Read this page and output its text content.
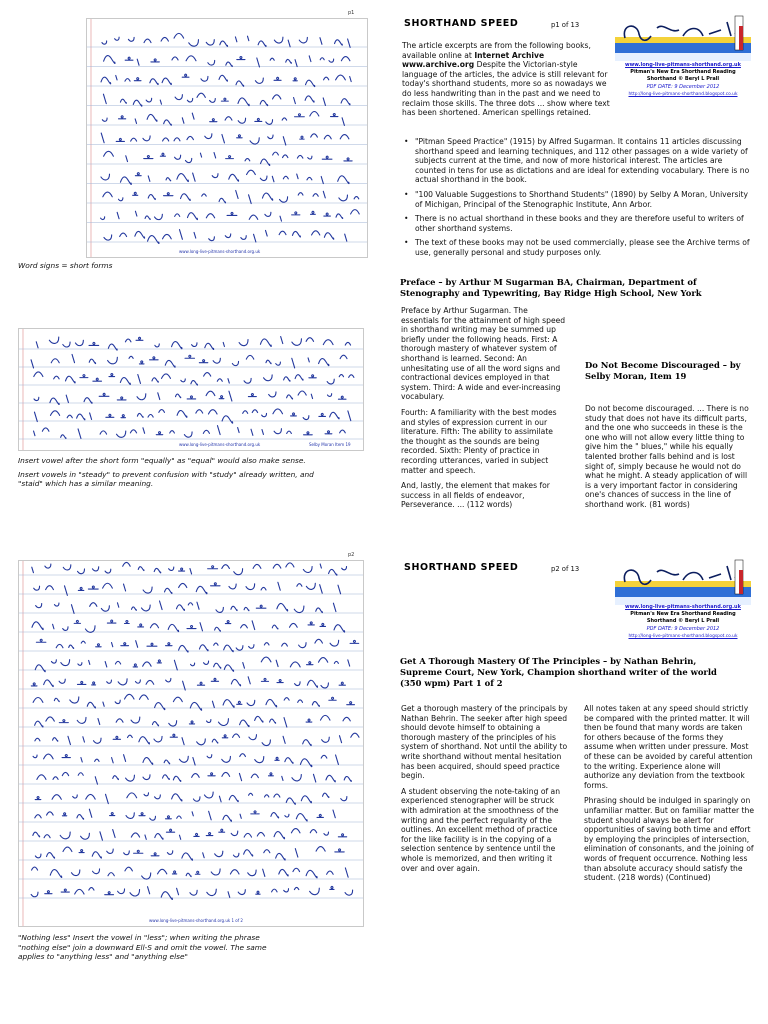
www.long-live-pitmans-shorthand.org.uk
p1
Word signs = short forms
SHORTHAND SPEED	p1 of 13
www.long-live-pitmans-shorthand.org.uk
Pitman's New Era Shorthand Reading
Shorthand © Beryl L Prall
PDF DATE: 9 December 2012
http://long-live-pitmans-shorthand.blogspot.co.uk
The article excerpts are from the following books, available online at Internet Archive www.archive.org Despite the Victorian-style language of the articles, the advice is still relevant for today's shorthand students, more so as nowadays we do less handwriting than in the past and we need to reclaim those skills. The three dots ... show where text has been shortened. American spellings retained.
• "Pitman Speed Practice" (1915) by Alfred Sugarman. It contains 11 articles discussing shorthand speed and learning techniques, and 112 other passages on a wide variety of subjects current at the time, and now of more historical interest. The articles are counted in tens for use as dictations and are ideal for extending vocabulary. There is no actual shorthand in the book.
• "100 Valuable Suggestions to Shorthand Students" (1890) by Selby A Moran, University of Michigan, Principal of the Stenographic Institute, Ann Arbor.
• There is no actual shorthand in these books and they are therefore useful to writers of other shorthand systems.
• The text of these books may not be used commercially, please see the Archive terms of use, generally personal and study purposes only.
Preface – by Arthur M Sugarman BA, Chairman, Department of Stenography and Typewriting, Bay Ridge High School, New York

Preface by Arthur Sugarman. The essentials for the attainment of high speed in shorthand writing may be summed up briefly under the following heads. First: A thorough mastery of whatever system of shorthand is learned. Second: An unhesitating use of all the word signs and contractional devices employed in that system. Third: A wide and ever-increasing vocabulary.

Fourth: A familiarity with the best modes and styles of expression current in our literature. Fifth: The ability to assimilate the thought as the sounds are being recorded. Sixth: Plenty of practice in recording utterances, varied in subject matter and speech.

And, lastly, the element that makes for success in all fields of endeavor, Perseverance. ... (112 words)

Do Not Become Discouraged – by Selby Moran, Item 19
Do not become discouraged. ... There is no study that does not have its difficult parts, and the one who succeeds in these is the one who will not allow every little thing to give him the " blues," while his equally talented brother falls behind and is lost sight of, simply because he would not do what he might. A steady application of will is a very important factor in considering one's chances of success in the line of shorthand work. (81 words)
www.long-live-pitmans-shorthand.org.uk	Selby Moran Item 19
Insert vowel after the short form "equally" as "equal" would also make sense.
Insert vowels in "steady" to prevent confusion with "study" already written, and "staid" which has a similar meaning.
www.long-live-pitmans-shorthand.org.uk 1 of 2
p2
"Nothing less" Insert the vowel in "less"; when writing the phrase "nothing else" join a downward Ell-S and omit the vowel. The same applies to "anything less" and "anything else"
SHORTHAND SPEED	p2 of 13
www.long-live-pitmans-shorthand.org.uk
Pitman's New Era Shorthand Reading
Shorthand © Beryl L Prall
PDF DATE: 9 December 2012
http://long-live-pitmans-shorthand.blogspot.co.uk
Get A Thorough Mastery Of The Principles – by Nathan Behrin, Supreme Court, New York, Champion shorthand writer of the world (350 wpm) Part 1 of 2

Get a thorough mastery of the principals by Nathan Behrin. The seeker after high speed should devote himself to obtaining a thorough mastery of the principles of his system of shorthand. Not until the ability to write shorthand without mental hesitation has been acquired, should speed practice begin.

A student observing the note-taking of an experienced stenographer will be struck with admiration at the smoothness of the writing and the perfect regularity of the outlines. An excellent method of practice for the like facility is in the copying of a selection sentence by sentence until the whole is memorized, and then writing it over and over again.

All notes taken at any speed should strictly be compared with the printed matter. It will then be found that many words are taken for others because of the forms they assume when written under pressure. Most of these can be avoided by careful attention to the writing. Experience alone will authorize any deviation from the textbook forms.

Phrasing should be indulged in sparingly on unfamiliar matter. But on familiar matter the student should always be alert for opportunities of saving both time and effort by employing the principles of intersection, elimination of consonants, and the joining of words of frequent occurrence. Nothing less than absolute accuracy should satisfy the student. (218 words) (Continued)
